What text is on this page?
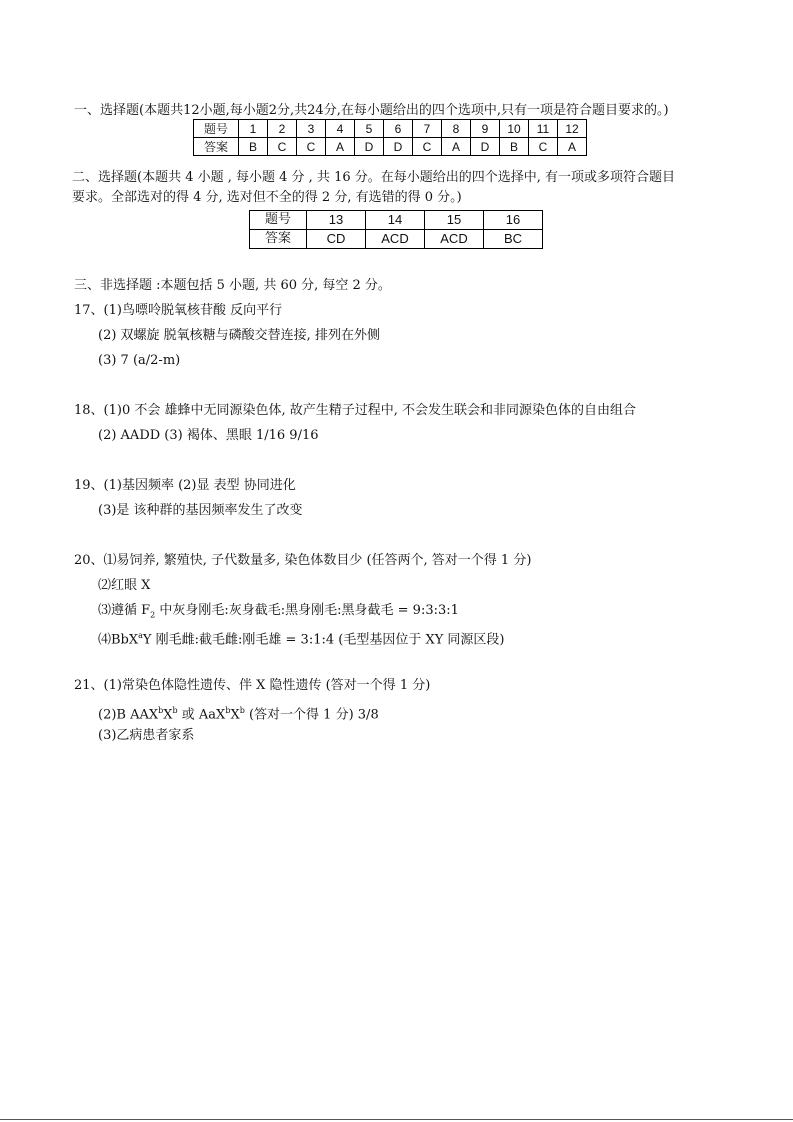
一、选择题(本题共12小题,每小题2分,共24分,在每小题给出的四个选项中,只有一项是符合题目要求的。)
题号	1	2	3	4	5	6	7	8	9	10	11	12
答案	B	C	C	A	D	D	C	A	D	B	C	A
二、选择题(本题共 4 小题 , 每小题 4 分 , 共 16 分。在每小题给出的四个选择中, 有一项或多项符合题目
要求。全部选对的得 4 分, 选对但不全的得 2 分, 有选错的得 0 分。)
题号	13	14	15	16
答案	CD	ACD	ACD	BC
三、非选择题 :本题包括 5 小题, 共 60 分, 每空 2 分。
17、(1)鸟嘌呤脱氧核苷酸 反向平行
(2) 双螺旋 脱氧核糖与磷酸交替连接, 排列在外侧
(3) 7 (a/2-m)
18、(1)0 不会 雄蜂中无同源染色体, 故产生精子过程中, 不会发生联会和非同源染色体的自由组合
(2) AADD (3) 褐体、黑眼 1/16 9/16
19、(1)基因频率 (2)显 表型 协同进化
(3)是 该种群的基因频率发生了改变
20、⑴易饲养, 繁殖快, 子代数量多, 染色体数目少 (任答两个, 答对一个得 1 分)
⑵红眼 X
⑶遵循 $F_2$ 中灰身刚毛:灰身截毛:黑身刚毛:黑身截毛 = 9:3:3:1
⑷BbX$^a$Y 刚毛雌:截毛雌:刚毛雄 = 3:1:4 (毛型基因位于 XY 同源区段)
21、(1)常染色体隐性遗传、伴 X 隐性遗传 (答对一个得 1 分)
(2)B $AAX^bX^b$ 或 $AaX^bX^b$ (答对一个得 1 分) 3/8
(3)乙病患者家系
